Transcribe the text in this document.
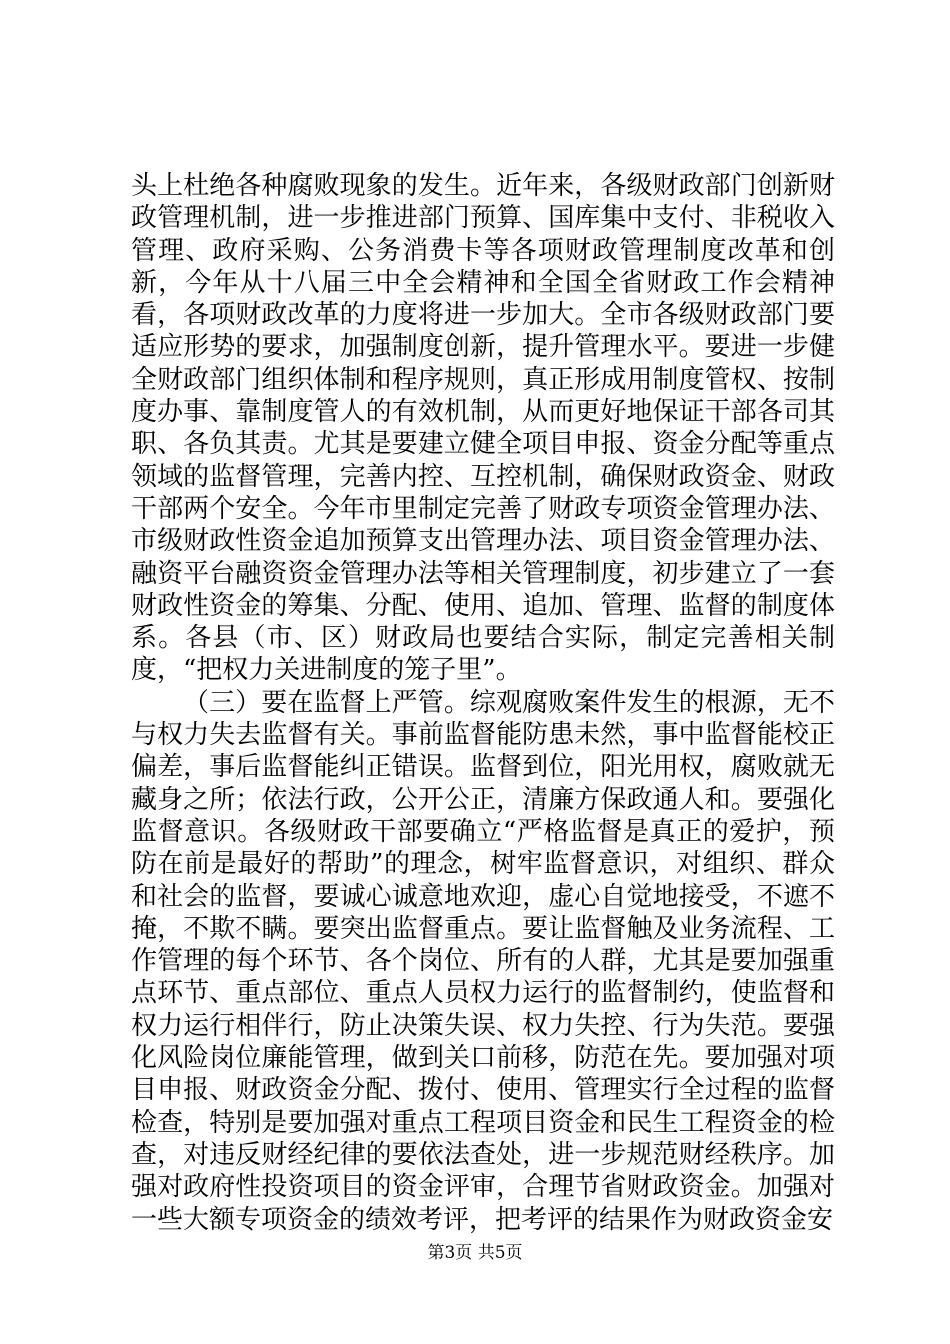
头上杜绝各种腐败现象的发生。近年来，各级财政部门创新财政管理机制，进一步推进部门预算、国库集中支付、非税收入管理、政府采购、公务消费卡等各项财政管理制度改革和创新，今年从十八届三中全会精神和全国全省财政工作会精神看，各项财政改革的力度将进一步加大。全市各级财政部门要适应形势的要求，加强制度创新，提升管理水平。要进一步健全财政部门组织体制和程序规则，真正形成用制度管权、按制度办事、靠制度管人的有效机制，从而更好地保证干部各司其职、各负其责。尤其是要建立健全项目申报、资金分配等重点领域的监督管理，完善内控、互控机制，确保财政资金、财政干部两个安全。今年市里制定完善了财政专项资金管理办法、市级财政性资金追加预算支出管理办法、项目资金管理办法、融资平台融资资金管理办法等相关管理制度，初步建立了一套财政性资金的筹集、分配、使用、追加、管理、监督的制度体系。各县（市、区）财政局也要结合实际，制定完善相关制度，“把权力关进制度的笼子里”。

（三）要在监督上严管。综观腐败案件发生的根源，无不与权力失去监督有关。事前监督能防患未然，事中监督能校正偏差，事后监督能纠正错误。监督到位，阳光用权，腐败就无藏身之所；依法行政，公开公正，清廉方保政通人和。要强化监督意识。各级财政干部要确立“严格监督是真正的爱护，预防在前是最好的帮助”的理念，树牢监督意识，对组织、群众和社会的监督，要诚心诚意地欢迎，虚心自觉地接受，不遮不掩，不欺不瞒。要突出监督重点。要让监督触及业务流程、工作管理的每个环节、各个岗位、所有的人群，尤其是要加强重点环节、重点部位、重点人员权力运行的监督制约，使监督和权力运行相伴行，防止决策失误、权力失控、行为失范。要强化风险岗位廉能管理，做到关口前移，防范在先。要加强对项目申报、财政资金分配、拨付、使用、管理实行全过程的监督检查，特别是要加强对重点工程项目资金和民生工程资金的检查，对违反财经纪律的要依法查处，进一步规范财经秩序。加强对政府性投资项目的资金评审，合理节省财政资金。加强对一些大额专项资金的绩效考评，把考评的结果作为财政资金安

第3页 共5页
